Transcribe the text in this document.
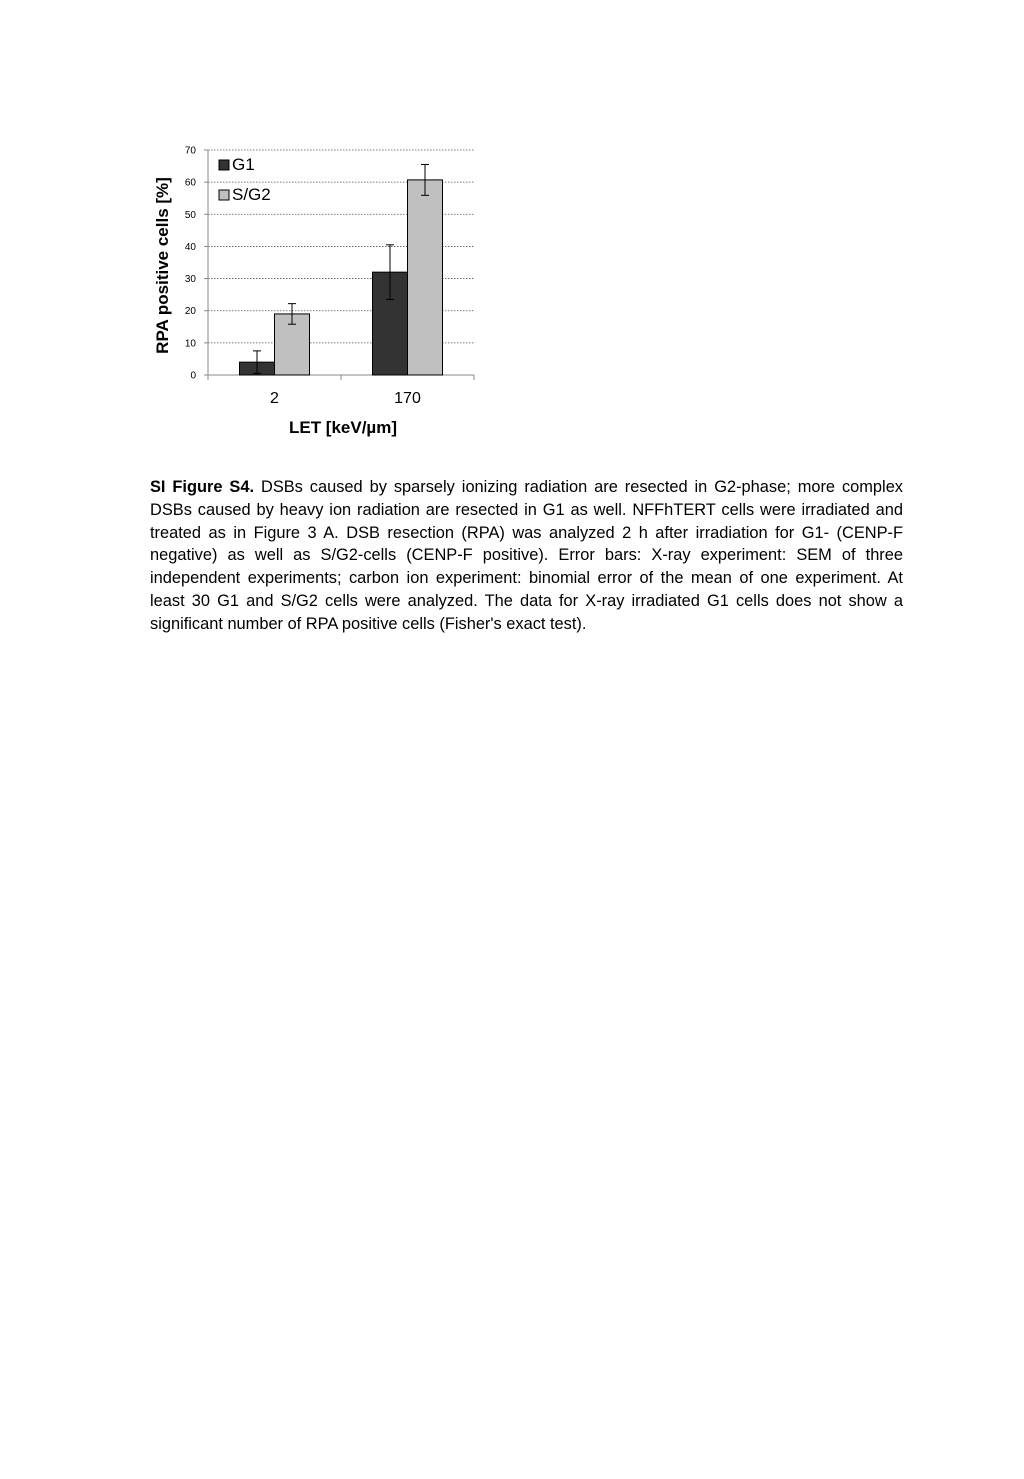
0
10
20
30
40
50
60
70
2	170
G1
S/G2
LET [keV/µm]
RPA positive cells [%]

SI Figure S4. DSBs caused by sparsely ionizing radiation are resected in G2-phase; more complex DSBs caused by heavy ion radiation are resected in G1 as well. NFFhTERT cells were irradiated and treated as in Figure 3 A. DSB resection (RPA) was analyzed 2 h after irradiation for G1- (CENP-F negative) as well as S/G2-cells (CENP-F positive). Error bars: X-ray experiment: SEM of three independent experiments; carbon ion experiment: binomial error of the mean of one experiment. At least 30 G1 and S/G2 cells were analyzed. The data for X-ray irradiated G1 cells does not show a significant number of RPA positive cells (Fisher's exact test).
